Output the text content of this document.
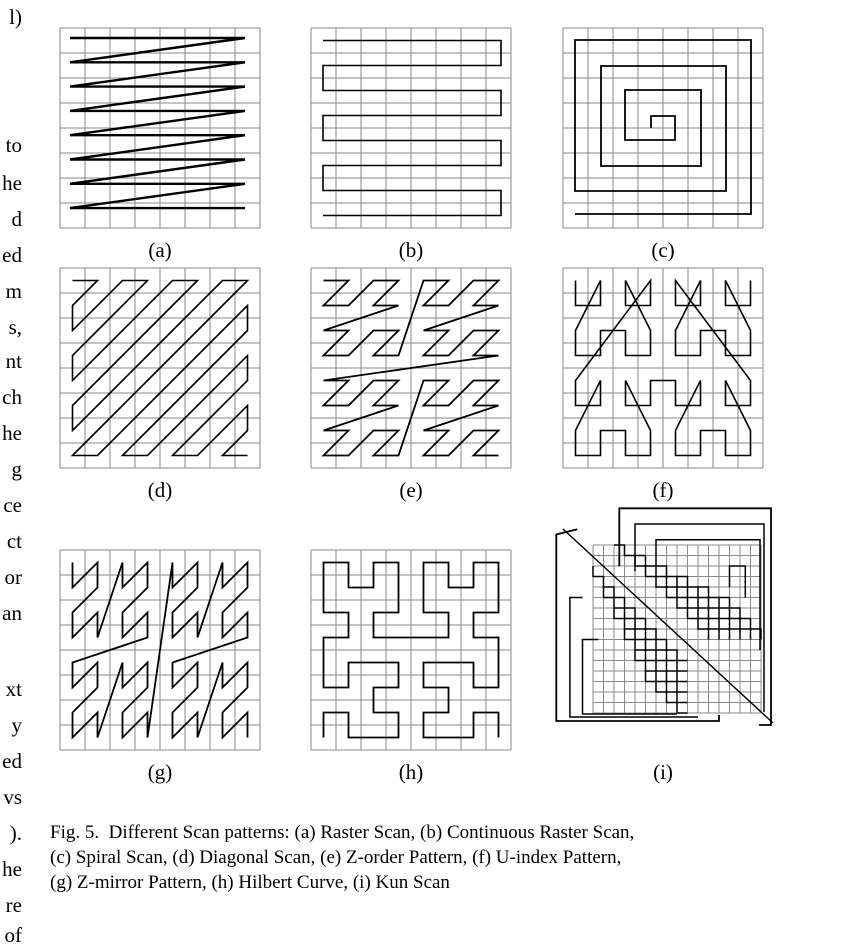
l)
to
he
d
ed
m
s,
nt
ch
he
g
ce
ct
or
an
xt
y
ed
vs
).
he
re
of
(a)	(b)	(c)
(d)	(e)	(f)
(g)	(h)	(i)
Fig. 5. Different Scan patterns: (a) Raster Scan, (b) Continuous Raster Scan,
(c) Spiral Scan, (d) Diagonal Scan, (e) Z-order Pattern, (f) U-index Pattern,
(g) Z-mirror Pattern, (h) Hilbert Curve, (i) Kun Scan
